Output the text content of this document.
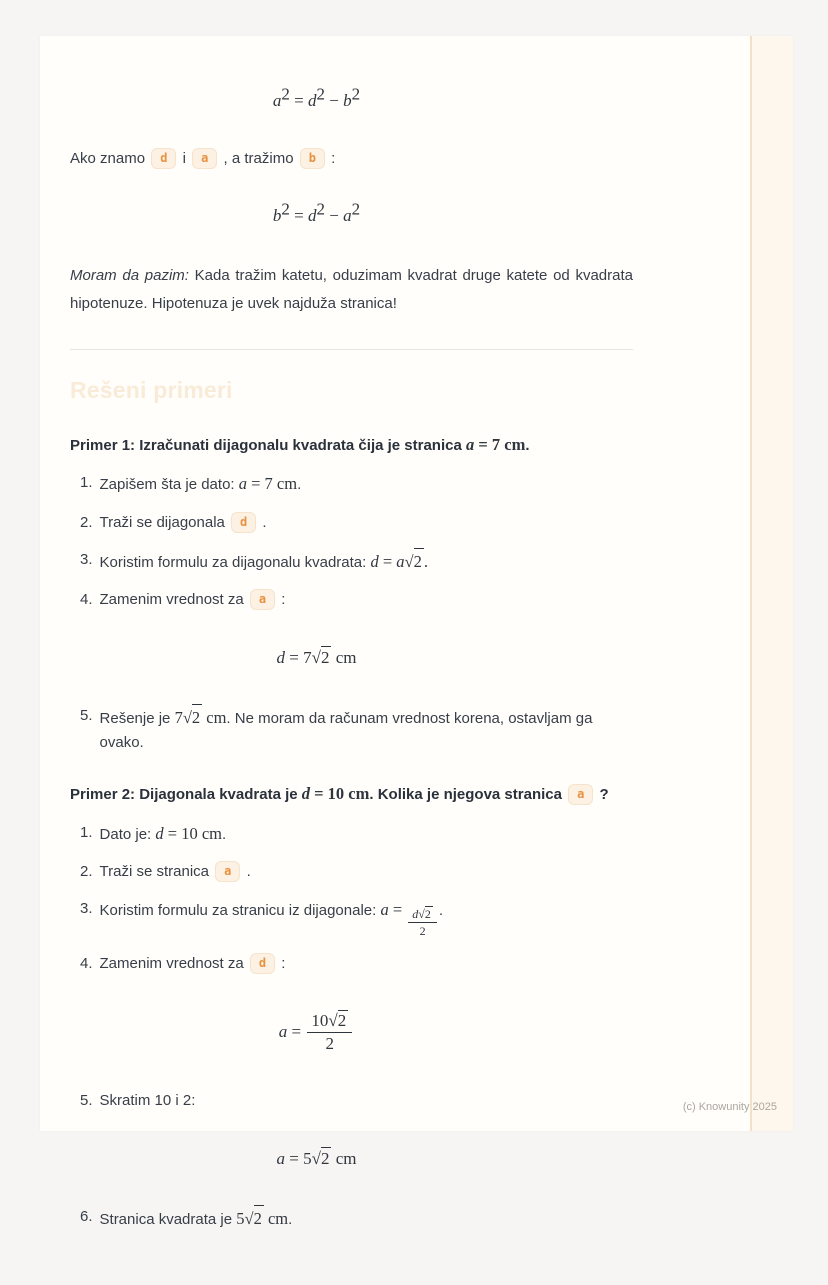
$a^2 = d^2 - b^2$

Ako znamo d i a , a tražimo b :

$b^2 = d^2 - a^2$

Moram da pazim: Kada tražim katetu, oduzimam kvadrat druge katete od kvadrata hipotenuze. Hipotenuza je uvek najduža stranica!

Rešeni primeri

Primer 1: Izračunati dijagonalu kvadrata čija je stranica a = 7 cm.

1. Zapišem šta je dato: a = 7 cm.
2. Traži se dijagonala d .
3. Koristim formulu za dijagonalu kvadrata: d = a√2 .
4. Zamenim vrednost za a :
d = 7√2 cm
5. Rešenje je 7√2 cm. Ne moram da računam vrednost korena, ostavljam ga ovako.

Primer 2: Dijagonala kvadrata je d = 10 cm. Kolika je njegova stranica a ?

1. Dato je: d = 10 cm.
2. Traži se stranica a .
3. Koristim formulu za stranicu iz dijagonale: $a = \frac{d√2}{2}$ .
4. Zamenim vrednost za d :
$a = \frac{10√2}{2}$
5. Skratim 10 i 2:
a = 5√2 cm
6. Stranica kvadrata je 5√2 cm.
(c) Knowunity 2025
